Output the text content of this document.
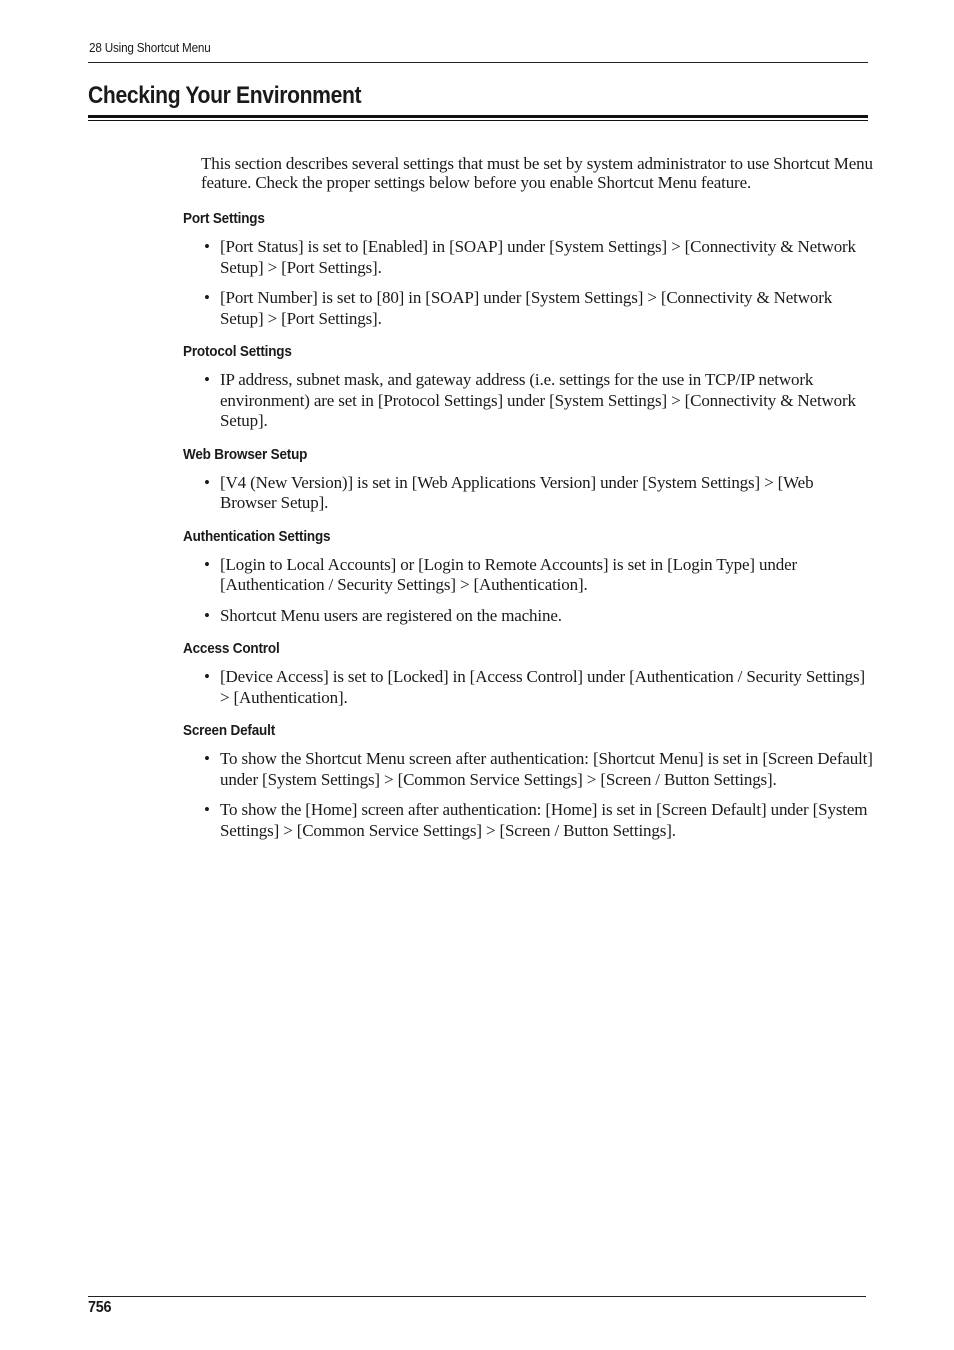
28 Using Shortcut Menu
Checking Your Environment

This section describes several settings that must be set by system administrator to use Shortcut Menu feature. Check the proper settings below before you enable Shortcut Menu feature.

Port Settings
• [Port Status] is set to [Enabled] in [SOAP] under [System Settings] > [Connectivity & Network Setup] > [Port Settings].
• [Port Number] is set to [80] in [SOAP] under [System Settings] > [Connectivity & Network Setup] > [Port Settings].
Protocol Settings
• IP address, subnet mask, and gateway address (i.e. settings for the use in TCP/IP network environment) are set in [Protocol Settings] under [System Settings] > [Connectivity & Network Setup].
Web Browser Setup
• [V4 (New Version)] is set in [Web Applications Version] under [System Settings] > [Web Browser Setup].
Authentication Settings
• [Login to Local Accounts] or [Login to Remote Accounts] is set in [Login Type] under [Authentication / Security Settings] > [Authentication].
• Shortcut Menu users are registered on the machine.
Access Control
• [Device Access] is set to [Locked] in [Access Control] under [Authentication / Security Settings] > [Authentication].
Screen Default
• To show the Shortcut Menu screen after authentication: [Shortcut Menu] is set in [Screen Default] under [System Settings] > [Common Service Settings] > [Screen / Button Settings].
• To show the [Home] screen after authentication: [Home] is set in [Screen Default] under [System Settings] > [Common Service Settings] > [Screen / Button Settings].
756
